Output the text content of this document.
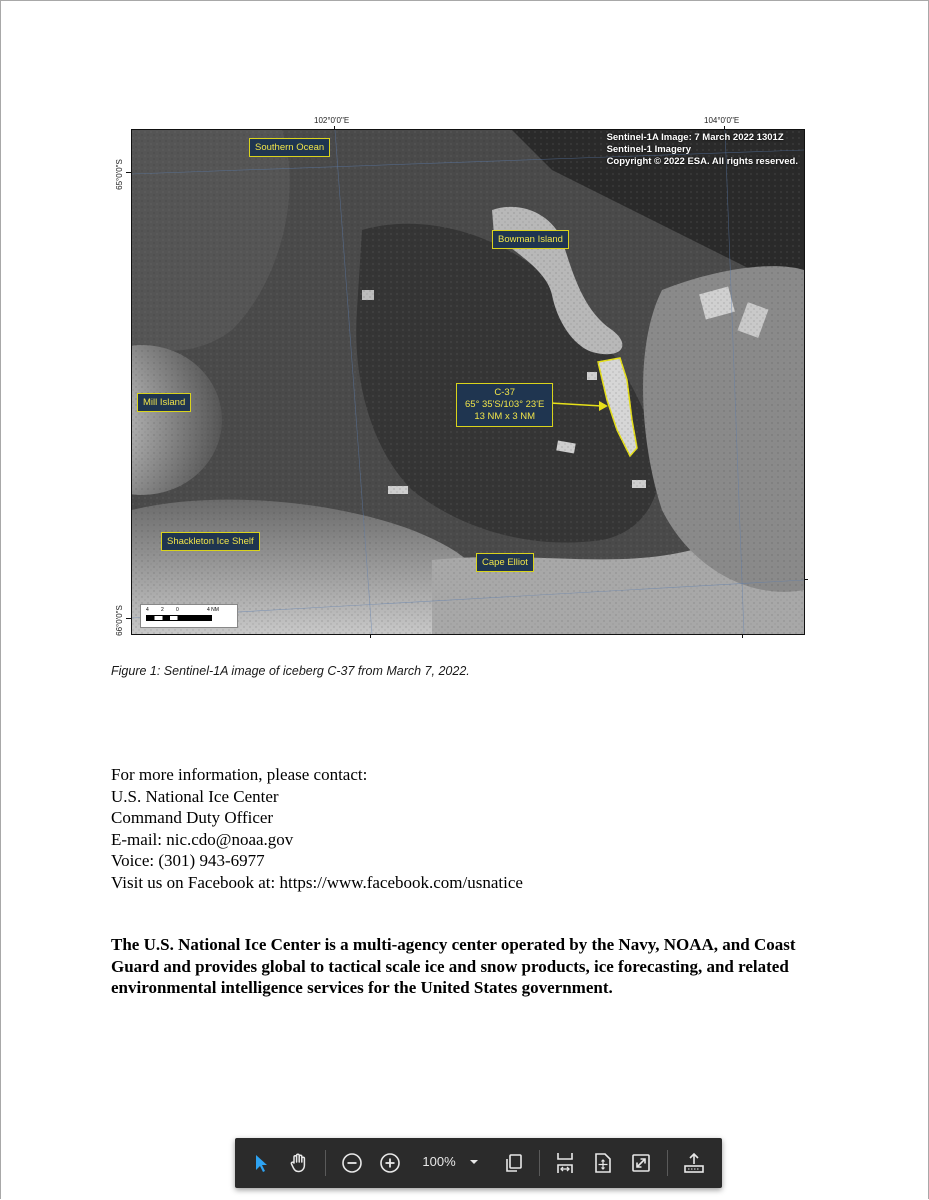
102°0'0"E	104°0'0"E
65°0'0"S
66°0'0"S
Sentinel-1A Image: 7 March 2022 1301Z
Sentinel-1 Imagery
Copyright © 2022 ESA. All rights reserved.
Southern Ocean
Bowman Island
Mill Island
C-37
65° 35'S/103° 23'E
13 NM x 3 NM
Shackleton Ice Shelf
Cape Elliot
4 2 0	4 NM
Figure 1: Sentinel-1A image of iceberg C-37 from March 7, 2022.
For more information, please contact:
U.S. National Ice Center
Command Duty Officer
E-mail: nic.cdo@noaa.gov
Voice: (301) 943-6977
Visit us on Facebook at: https://www.facebook.com/usnatice
The U.S. National Ice Center is a multi-agency center operated by the Navy, NOAA, and Coast Guard and provides global to tactical scale ice and snow products, ice forecasting, and related environmental intelligence services for the United States government.
100%
